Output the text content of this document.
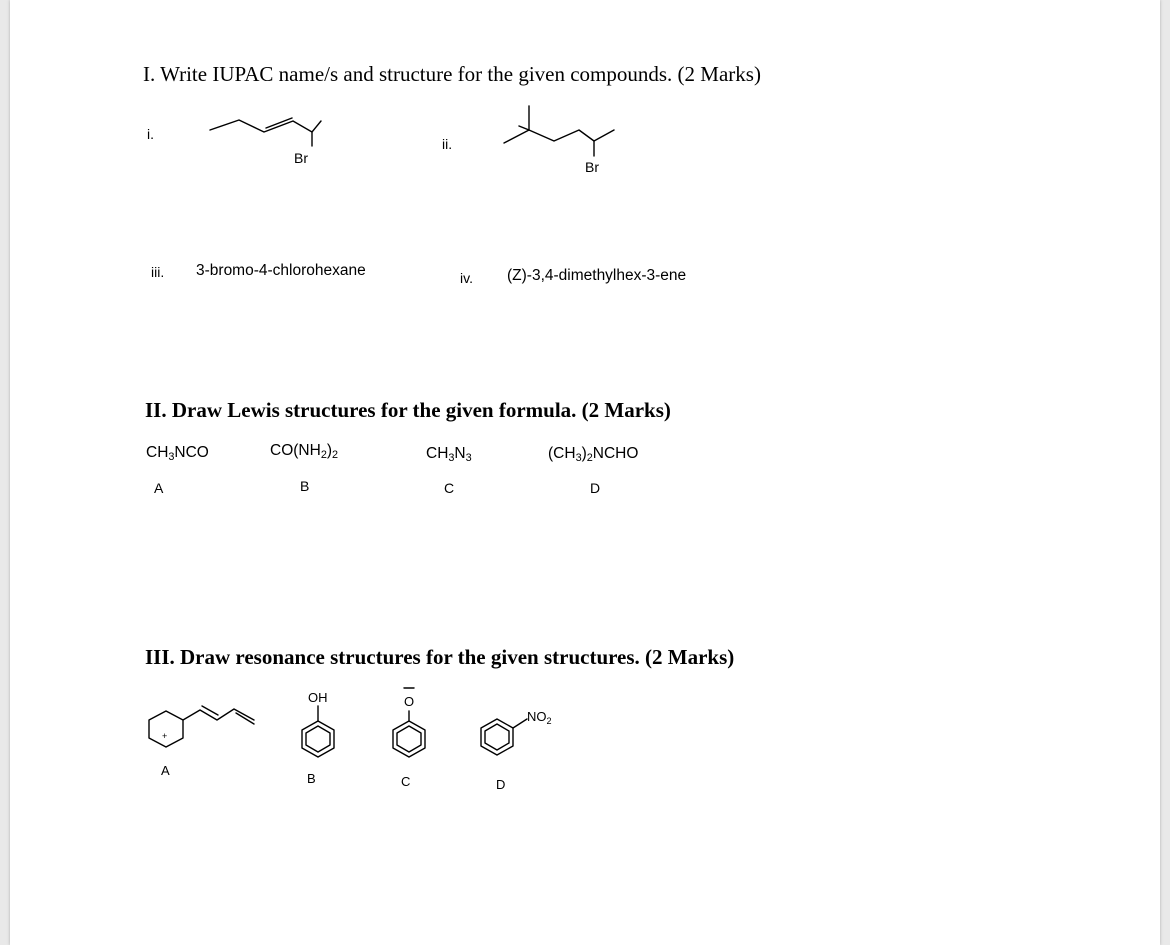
I. Write IUPAC name/s and structure for the given compounds. (2 Marks)
i.
Br
ii.
Br
iii. 3-bromo-4-chlorohexane	iv. (Z)-3,4-dimethylhex-3-ene
II. Draw Lewis structures for the given formula. (2 Marks)
$CH_3NCO$
A
$CO(NH_2)_2$
B
$CH_3N_3$
C
$(CH_3)_2NCHO$
D
III. Draw resonance structures for the given structures. (2 Marks)
+
A
OH
B
O
C
$NO_2$
D
